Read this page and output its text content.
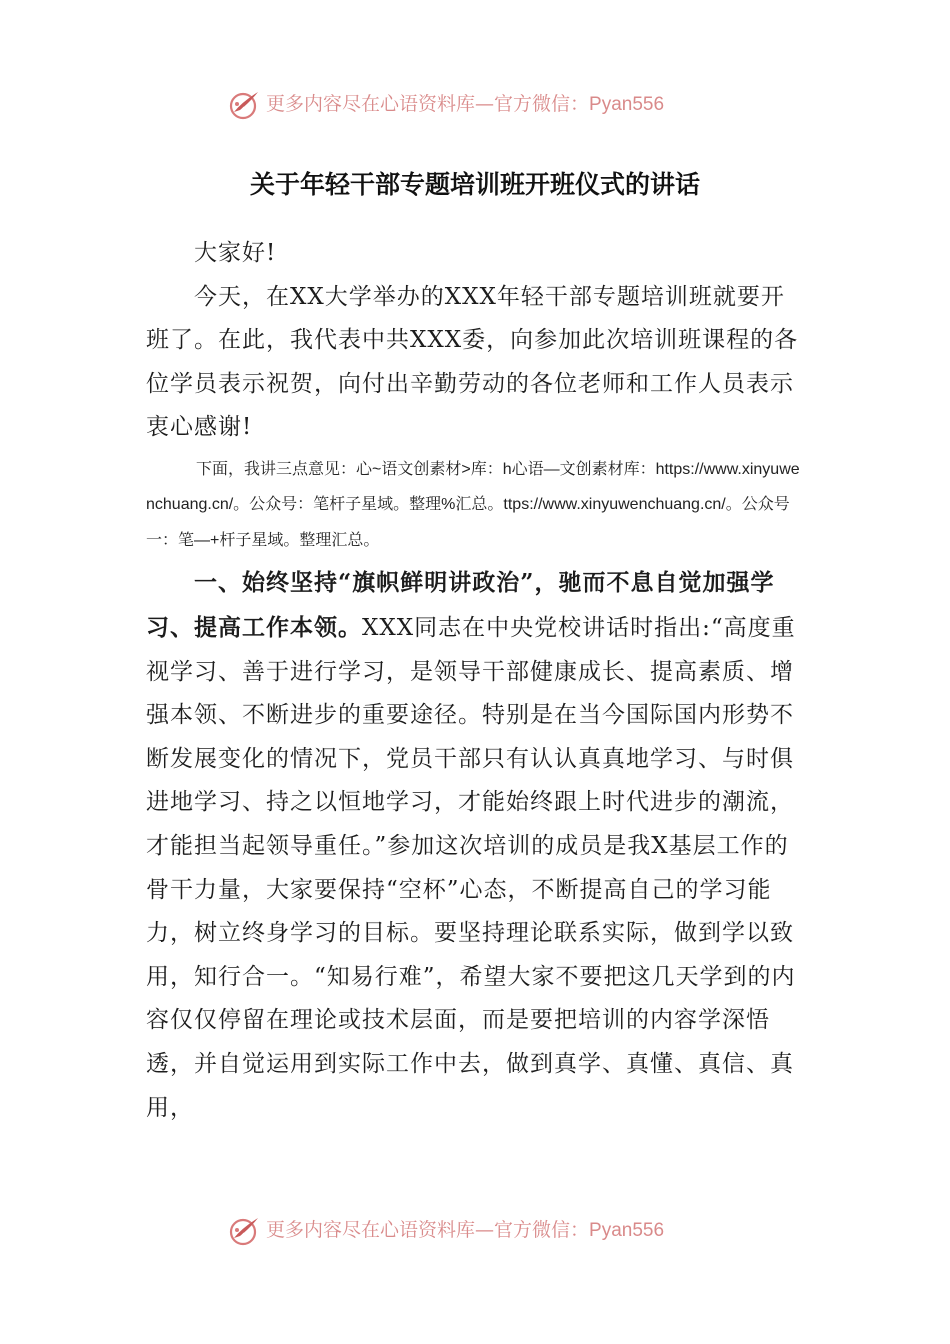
更多内容尽在心语资料库—官方微信：Pyan556
关于年轻干部专题培训班开班仪式的讲话

大家好!

今天，在XX大学举办的XXX年轻干部专题培训班就要开班了。在此，我代表中共XXX委，向参加此次培训班课程的各位学员表示祝贺，向付出辛勤劳动的各位老师和工作人员表示衷心感谢!

下面，我讲三点意见：心~语文创素材>库：h心语—文创素材库：https://www.xinyuwenchuang.cn/。公众号：笔杆子星域。整理%汇总。ttps://www.xinyuwenchuang.cn/。公众号一：笔—+杆子星域。整理汇总。

一、始终坚持“旗帜鲜明讲政治”，驰而不息自觉加强学习、提高工作本领。XXX同志在中央党校讲话时指出:“高度重视学习、善于进行学习，是领导干部健康成长、提高素质、增强本领、不断进步的重要途径。特别是在当今国际国内形势不断发展变化的情况下，党员干部只有认认真真地学习、与时俱进地学习、持之以恒地学习，才能始终跟上时代进步的潮流，才能担当起领导重任。”参加这次培训的成员是我X基层工作的骨干力量，大家要保持“空杯”心态，不断提高自己的学习能力，树立终身学习的目标。要坚持理论联系实际，做到学以致用，知行合一。“知易行难”，希望大家不要把这几天学到的内容仅仅停留在理论或技术层面，而是要把培训的内容学深悟透，并自觉运用到实际工作中去，做到真学、真懂、真信、真用，

更多内容尽在心语资料库—官方微信：Pyan556
